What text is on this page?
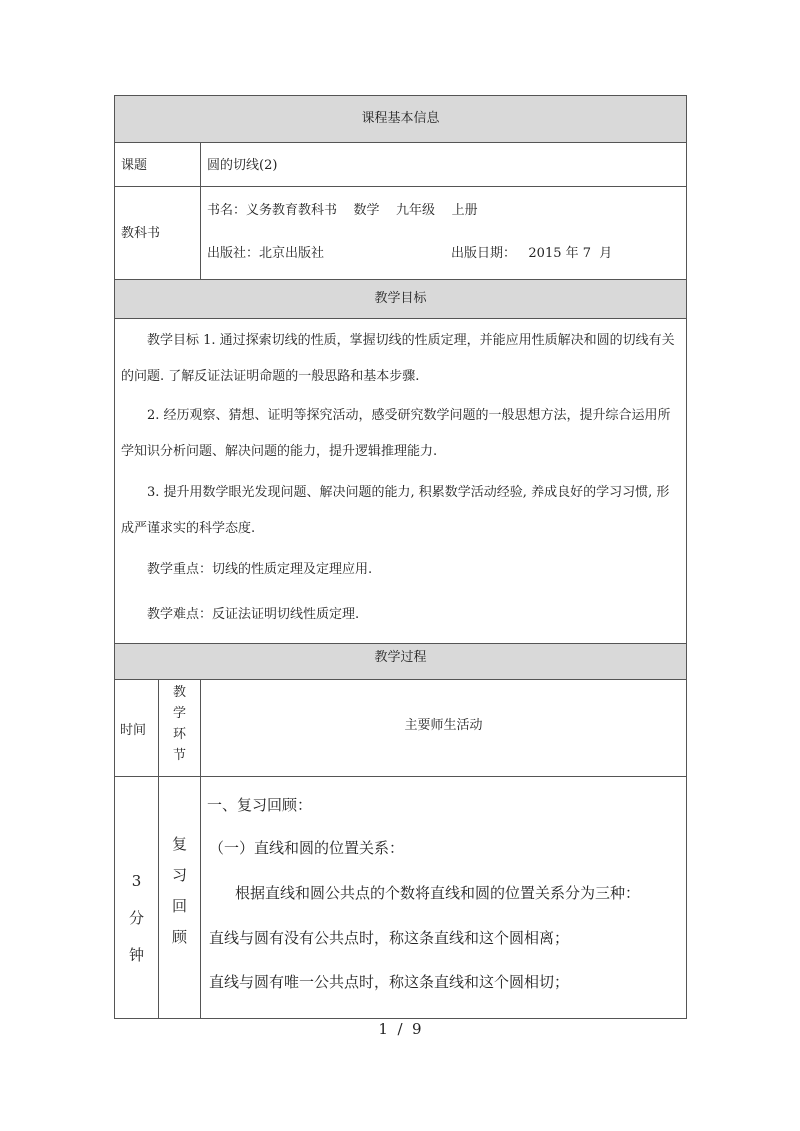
课程基本信息
教学目标
教学过程
课题	圆的切线(2)
教科书
书名：义务教育教科书    数学    九年级    上册
出版社：北京出版社	出版日期：   2015 年 7  月
教学目标 1. 通过探索切线的性质，掌握切线的性质定理，并能应用性质解决和圆的切线有关的问题. 了解反证法证明命题的一般思路和基本步骤.
2. 经历观察、猜想、证明等探究活动，感受研究数学问题的一般思想方法，提升综合运用所学知识分析问题、解决问题的能力，提升逻辑推理能力.
3. 提升用数学眼光发现问题、解决问题的能力, 积累数学活动经验, 养成良好的学习习惯, 形成严谨求实的科学态度.
教学重点：切线的性质定理及定理应用.
教学难点：反证法证明切线性质定理.
时间
教
学
环
节
主要师生活动
3
分
钟
复
习
回
顾
一、复习回顾：
（一）直线和圆的位置关系：
根据直线和圆公共点的个数将直线和圆的位置关系分为三种：
直线与圆有没有公共点时，称这条直线和这个圆相离；
直线与圆有唯一公共点时，称这条直线和这个圆相切；
1  /  9
